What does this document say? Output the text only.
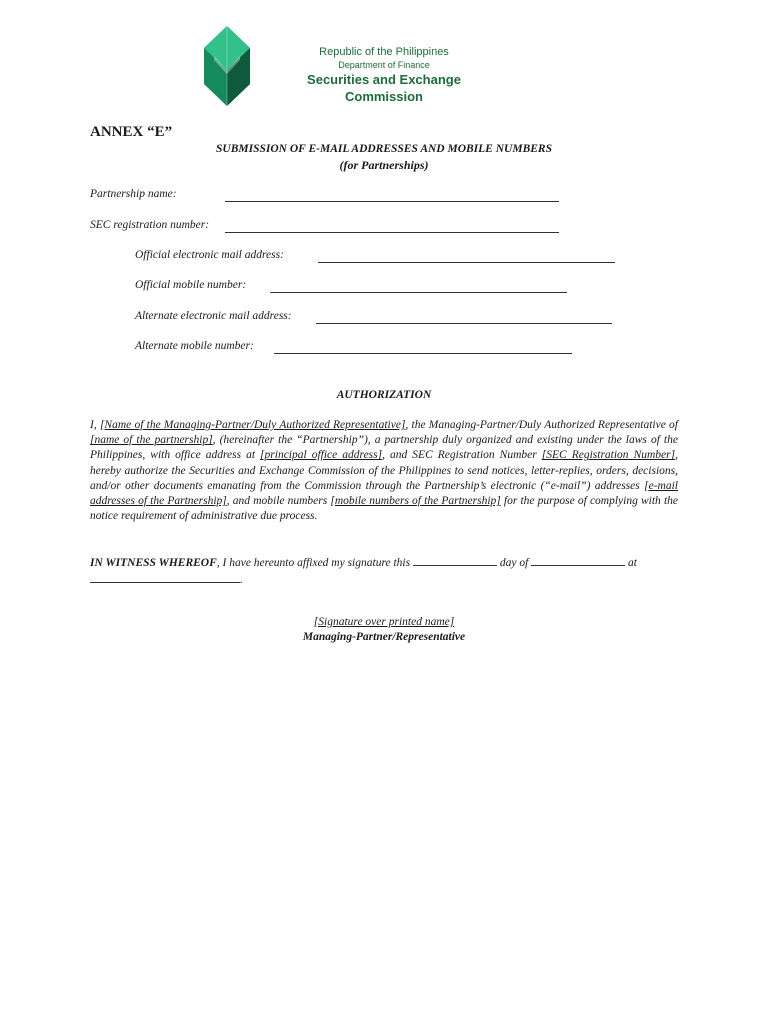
Republic of the Philippines
Department of Finance
Securities and Exchange Commission
ANNEX “E”
SUBMISSION OF E-MAIL ADDRESSES AND MOBILE NUMBERS
(for Partnerships)
Partnership name:
SEC registration number:
Official electronic mail address:
Official mobile number:
Alternate electronic mail address:
Alternate mobile number:
AUTHORIZATION
I, [Name of the Managing-Partner/Duly Authorized Representative], the Managing-Partner/Duly Authorized Representative of [name of the partnership], (hereinafter the “Partnership”), a partnership duly organized and existing under the laws of the Philippines, with office address at [principal office address], and SEC Registration Number [SEC Registration Number], hereby authorize the Securities and Exchange Commission of the Philippines to send notices, letter-replies, orders, decisions, and/or other documents emanating from the Commission through the Partnership’s electronic (“e-mail”) addresses [e-mail addresses of the Partnership], and mobile numbers [mobile numbers of the Partnership] for the purpose of complying with the notice requirement of administrative due process.
IN WITNESS WHEREOF, I have hereunto affixed my signature this	day of	at
.
[Signature over printed name]
Managing-Partner/Representative
